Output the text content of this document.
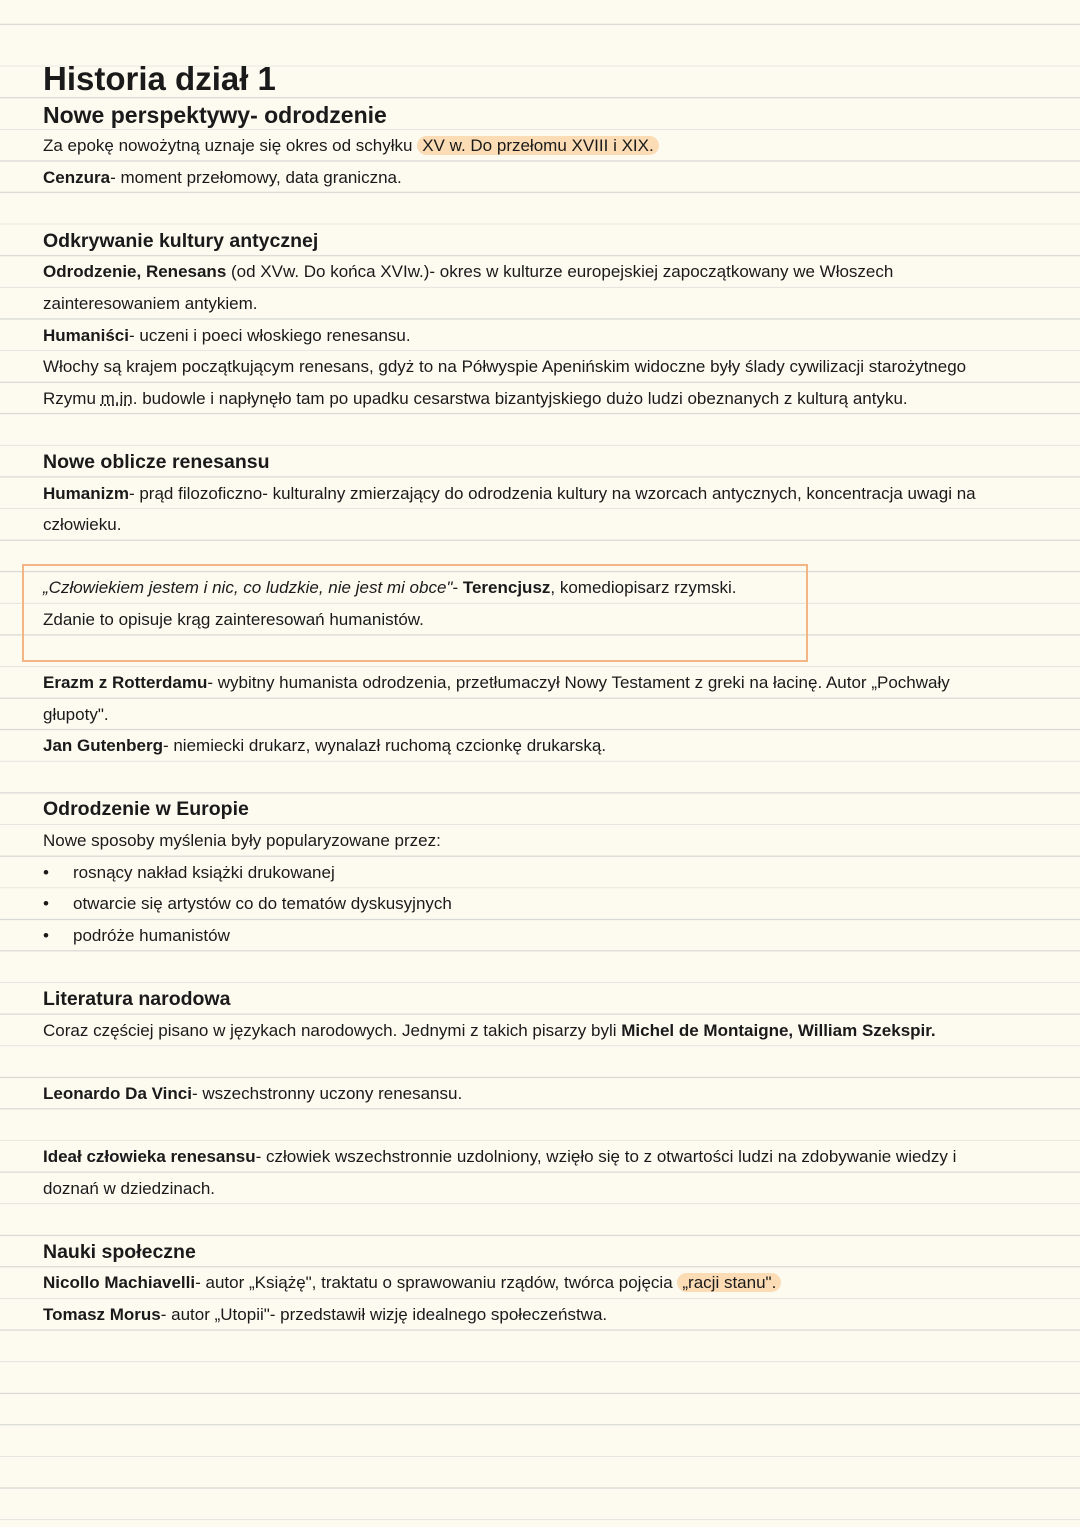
Historia dział 1
Nowe perspektywy- odrodzenie
Za epokę nowożytną uznaje się okres od schyłku XV w. Do przełomu XVIII i XIX.
Cenzura- moment przełomowy, data graniczna.
Odkrywanie kultury antycznej
Odrodzenie, Renesans (od XVw. Do końca XVIw.)- okres w kulturze europejskiej zapoczątkowany we Włoszech
zainteresowaniem antykiem.
Humaniści- uczeni i poeci włoskiego renesansu.
Włochy są krajem początkującym renesans, gdyż to na Półwyspie Apenińskim widoczne były ślady cywilizacji starożytnego
Rzymu m.in. budowle i napłynęło tam po upadku cesarstwa bizantyjskiego dużo ludzi obeznanych z kulturą antyku.
Nowe oblicze renesansu
Humanizm- prąd filozoficzno- kulturalny zmierzający do odrodzenia kultury na wzorcach antycznych, koncentracja uwagi na
człowieku.
„Człowiekiem jestem i nic, co ludzkie, nie jest mi obce"- Terencjusz, komediopisarz rzymski.
Zdanie to opisuje krąg zainteresowań humanistów.
Erazm z Rotterdamu- wybitny humanista odrodzenia, przetłumaczył Nowy Testament z greki na łacinę. Autor „Pochwały
głupoty".
Jan Gutenberg- niemiecki drukarz, wynalazł ruchomą czcionkę drukarską.
Odrodzenie w Europie
Nowe sposoby myślenia były popularyzowane przez:
• rosnący nakład książki drukowanej
• otwarcie się artystów co do tematów dyskusyjnych
• podróże humanistów
Literatura narodowa
Coraz częściej pisano w językach narodowych. Jednymi z takich pisarzy byli Michel de Montaigne, William Szekspir.
Leonardo Da Vinci- wszechstronny uczony renesansu.
Ideał człowieka renesansu- człowiek wszechstronnie uzdolniony, wzięło się to z otwartości ludzi na zdobywanie wiedzy i
doznań w dziedzinach.
Nauki społeczne
Nicollo Machiavelli- autor „Książę", traktatu o sprawowaniu rządów, twórca pojęcia „racji stanu".
Tomasz Morus- autor „Utopii"- przedstawił wizję idealnego społeczeństwa.
